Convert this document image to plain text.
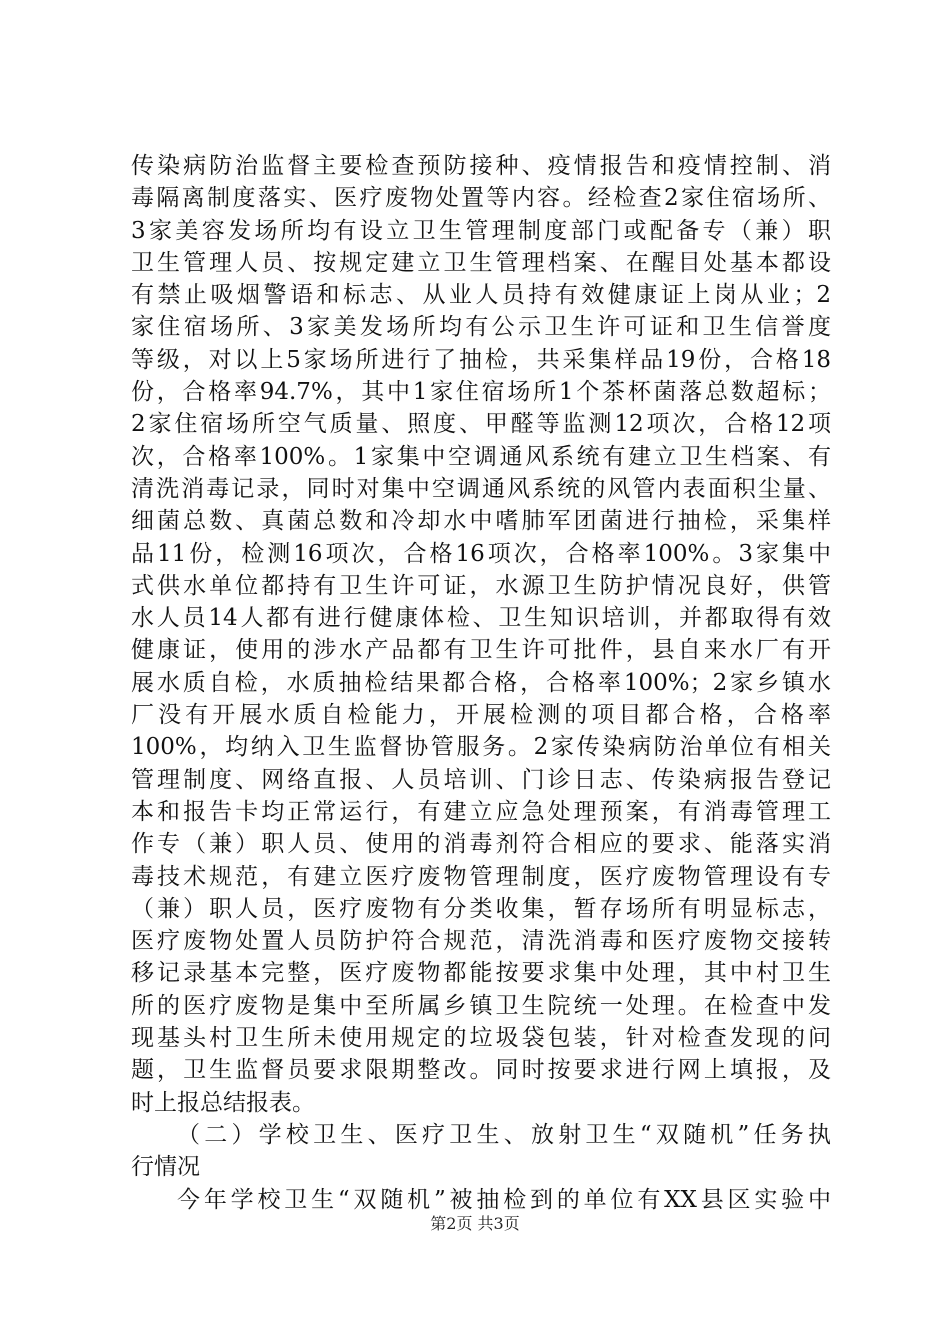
传染病防治监督主要检查预防接种、疫情报告和疫情控制、消
毒隔离制度落实、医疗废物处置等内容。经检查2家住宿场所、
3家美容发场所均有设立卫生管理制度部门或配备专（兼）职
卫生管理人员、按规定建立卫生管理档案、在醒目处基本都设
有禁止吸烟警语和标志、从业人员持有效健康证上岗从业；2
家住宿场所、3家美发场所均有公示卫生许可证和卫生信誉度
等级，对以上5家场所进行了抽检，共采集样品19份，合格18
份，合格率94.7%，其中1家住宿场所1个茶杯菌落总数超标；
2家住宿场所空气质量、照度、甲醛等监测12项次，合格12项
次，合格率100%。1家集中空调通风系统有建立卫生档案、有
清洗消毒记录，同时对集中空调通风系统的风管内表面积尘量、
细菌总数、真菌总数和冷却水中嗜肺军团菌进行抽检，采集样
品11份，检测16项次，合格16项次，合格率100%。3家集中
式供水单位都持有卫生许可证，水源卫生防护情况良好，供管
水人员14人都有进行健康体检、卫生知识培训，并都取得有效
健康证，使用的涉水产品都有卫生许可批件，县自来水厂有开
展水质自检，水质抽检结果都合格，合格率100%；2家乡镇水
厂没有开展水质自检能力，开展检测的项目都合格，合格率
100%，均纳入卫生监督协管服务。2家传染病防治单位有相关
管理制度、网络直报、人员培训、门诊日志、传染病报告登记
本和报告卡均正常运行，有建立应急处理预案，有消毒管理工
作专（兼）职人员、使用的消毒剂符合相应的要求、能落实消
毒技术规范，有建立医疗废物管理制度，医疗废物管理设有专
（兼）职人员，医疗废物有分类收集，暂存场所有明显标志，
医疗废物处置人员防护符合规范，清洗消毒和医疗废物交接转
移记录基本完整，医疗废物都能按要求集中处理，其中村卫生
所的医疗废物是集中至所属乡镇卫生院统一处理。在检查中发
现基头村卫生所未使用规定的垃圾袋包装，针对检查发现的问
题，卫生监督员要求限期整改。同时按要求进行网上填报，及
时上报总结报表。
（二）学校卫生、医疗卫生、放射卫生“双随机”任务执
行情况
今年学校卫生“双随机”被抽检到的单位有XX县区实验中
第2页 共3页
